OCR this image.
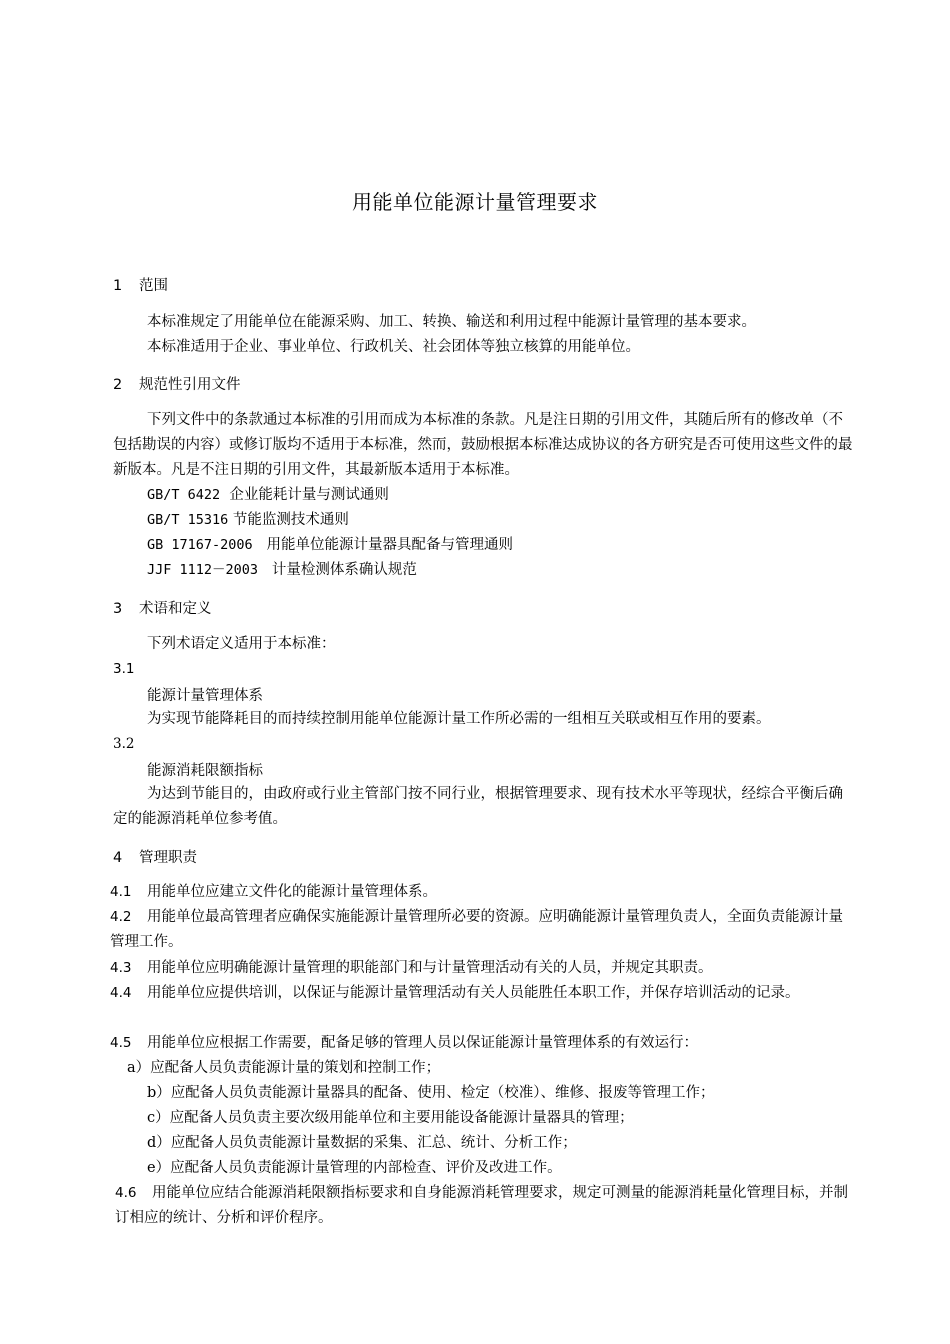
用能单位能源计量管理要求
1 范围
本标准规定了用能单位在能源采购、加工、转换、输送和利用过程中能源计量管理的基本要求。
本标准适用于企业、事业单位、行政机关、社会团体等独立核算的用能单位。
2 规范性引用文件
下列文件中的条款通过本标准的引用而成为本标准的条款。凡是注日期的引用文件，其随后所有的修改单（不包括勘误的内容）或修订版均不适用于本标准，然而，鼓励根据本标准达成协议的各方研究是否可使用这些文件的最新版本。凡是不注日期的引用文件，其最新版本适用于本标准。
GB/T 6422 企业能耗计量与测试通则
GB/T 15316 节能监测技术通则
GB 17167-2006 用能单位能源计量器具配备与管理通则
JJF 1112－2003 计量检测体系确认规范
3 术语和定义
下列术语定义适用于本标准：
3.1
能源计量管理体系
为实现节能降耗目的而持续控制用能单位能源计量工作所必需的一组相互关联或相互作用的要素。
3.2
能源消耗限额指标
为达到节能目的，由政府或行业主管部门按不同行业，根据管理要求、现有技术水平等现状，经综合平衡后确定的能源消耗单位参考值。
4 管理职责
4.1 用能单位应建立文件化的能源计量管理体系。
4.2 用能单位最高管理者应确保实施能源计量管理所必要的资源。应明确能源计量管理负责人，全面负责能源计量管理工作。
4.3 用能单位应明确能源计量管理的职能部门和与计量管理活动有关的人员，并规定其职责。
4.4 用能单位应提供培训，以保证与能源计量管理活动有关人员能胜任本职工作，并保存培训活动的记录。
4.5 用能单位应根据工作需要，配备足够的管理人员以保证能源计量管理体系的有效运行：
a）应配备人员负责能源计量的策划和控制工作；
b）应配备人员负责能源计量器具的配备、使用、检定（校准）、维修、报废等管理工作；
c）应配备人员负责主要次级用能单位和主要用能设备能源计量器具的管理；
d）应配备人员负责能源计量数据的采集、汇总、统计、分析工作；
e）应配备人员负责能源计量管理的内部检查、评价及改进工作。
4.6 用能单位应结合能源消耗限额指标要求和自身能源消耗管理要求，规定可测量的能源消耗量化管理目标，并制订相应的统计、分析和评价程序。
